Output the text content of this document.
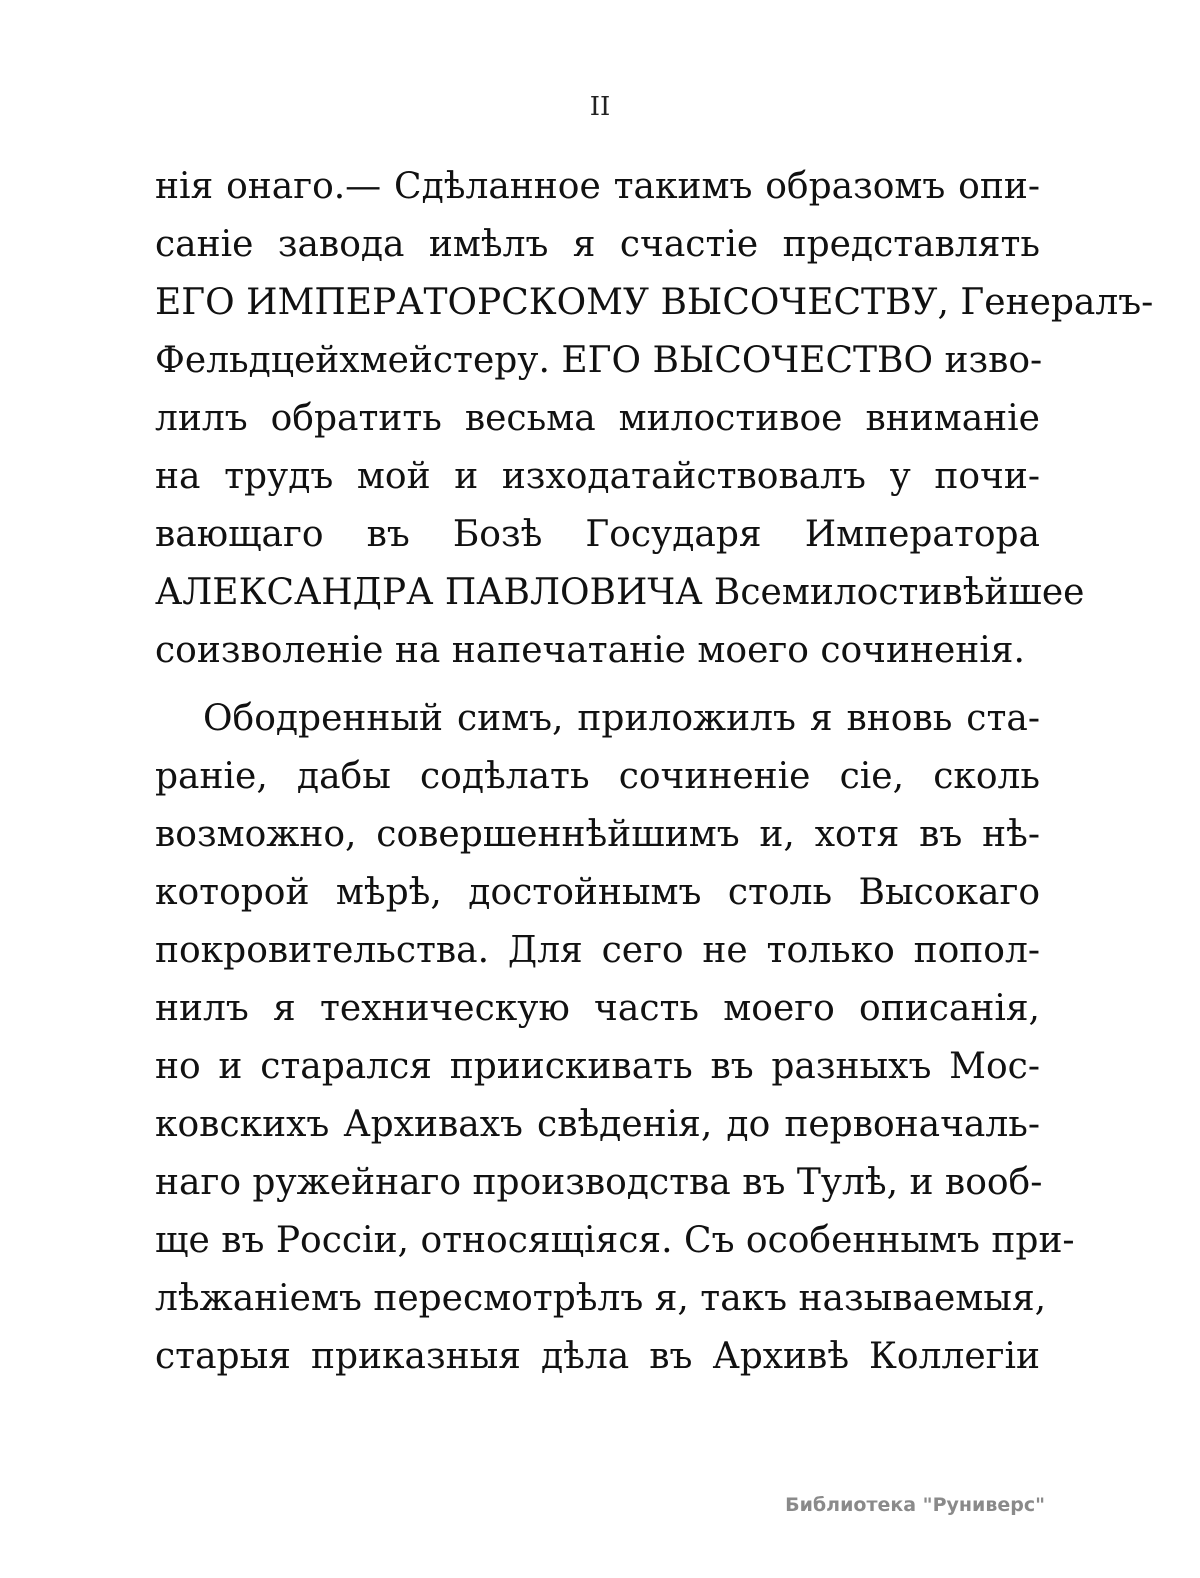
II
нія онаго.— Сдѣланное такимъ образомъ опи-
саніе завода имѣлъ я счастіе представлять
ЕГО ИМПЕРАТОРСКОМУ ВЫСОЧЕСТВУ, Генералъ-
Фельдцейхмейстеру. ЕГО ВЫСОЧЕСТВО изво-
лилъ обратить весьма милостивое вниманіе
на трудъ мой и изходатайствовалъ у почи-
вающаго въ Бозѣ Государя Императора
АЛЕКСАНДРА ПАВЛОВИЧА Всемилостивѣйшее
соизволеніе на напечатаніе моего сочиненія.
Ободренный симъ, приложилъ я вновь ста-
раніе, дабы содѣлать сочиненіе сіе, сколь
возможно, совершеннѣйшимъ и, хотя въ нѣ-
которой мѣрѣ, достойнымъ столь Высокаго
покровительства. Для сего не только попол-
нилъ я техническую часть моего описанія,
но и старался приискивать въ разныхъ Мос-
ковскихъ Архивахъ свѣденія, до первоначаль-
наго ружейнаго производства въ Тулѣ, и вооб-
ще въ Россіи, относящіяся. Съ особеннымъ при-
лѣжаніемъ пересмотрѣлъ я, такъ называемыя,
старыя приказныя дѣла въ Архивѣ Коллегіи
Библиотека "Руниверс"
